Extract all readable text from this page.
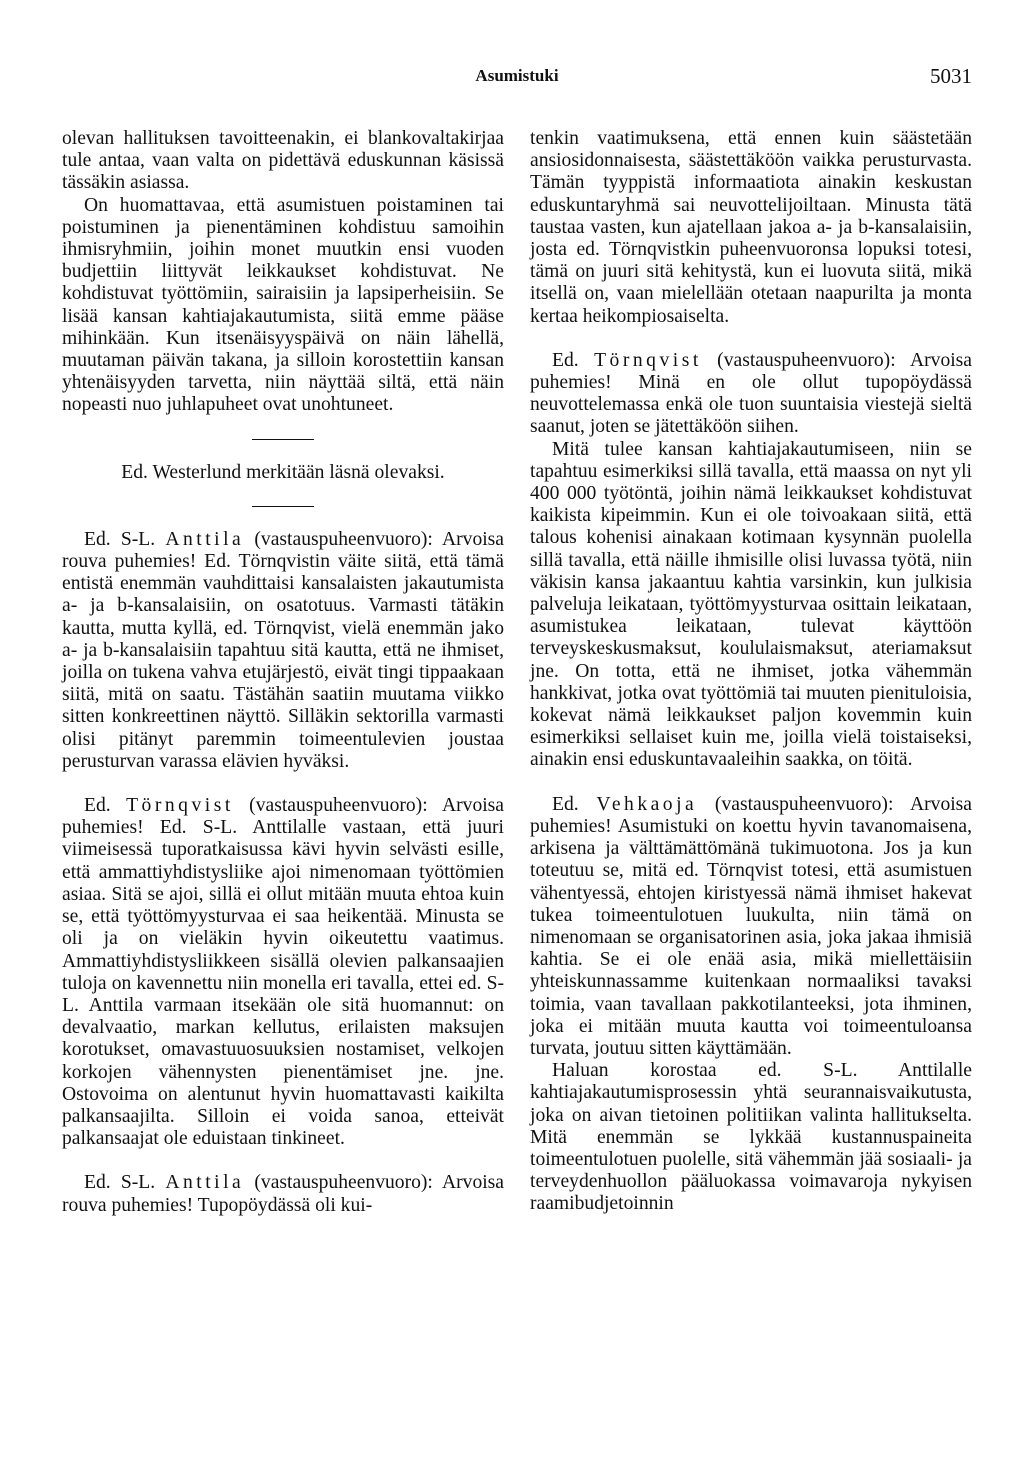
Asumistuki	5031

olevan hallituksen tavoitteenakin, ei blankovaltakirjaa tule antaa, vaan valta on pidettävä eduskunnan käsissä tässäkin asiassa.

On huomattavaa, että asumistuen poistaminen tai poistuminen ja pienentäminen kohdistuu samoihin ihmisryhmiin, joihin monet muutkin ensi vuoden budjettiin liittyvät leikkaukset kohdistuvat. Ne kohdistuvat työttömiin, sairaisiin ja lapsiperheisiin. Se lisää kansan kahtiajakautumista, siitä emme pääse mihinkään. Kun itsenäisyyspäivä on näin lähellä, muutaman päivän takana, ja silloin korostettiin kansan yhtenäisyyden tarvetta, niin näyttää siltä, että näin nopeasti nuo juhlapuheet ovat unohtuneet.

Ed. Westerlund merkitään läsnä olevaksi.

Ed. S-L. Anttila (vastauspuheenvuoro): Arvoisa rouva puhemies! Ed. Törnqvistin väite siitä, että tämä entistä enemmän vauhdittaisi kansalaisten jakautumista a- ja b-kansalaisiin, on osatotuus. Varmasti tätäkin kautta, mutta kyllä, ed. Törnqvist, vielä enemmän jako a- ja b-kansalaisiin tapahtuu sitä kautta, että ne ihmiset, joilla on tukena vahva etujärjestö, eivät tingi tippaakaan siitä, mitä on saatu. Tästähän saatiin muutama viikko sitten konkreettinen näyttö. Silläkin sektorilla varmasti olisi pitänyt paremmin toimeentulevien joustaa perusturvan varassa elävien hyväksi.

Ed. Törnqvist (vastauspuheenvuoro): Arvoisa puhemies! Ed. S-L. Anttilalle vastaan, että juuri viimeisessä tuporatkaisussa kävi hyvin selvästi esille, että ammattiyhdistysliike ajoi nimenomaan työttömien asiaa. Sitä se ajoi, sillä ei ollut mitään muuta ehtoa kuin se, että työttömyysturvaa ei saa heikentää. Minusta se oli ja on vieläkin hyvin oikeutettu vaatimus. Ammattiyhdistysliikkeen sisällä olevien palkansaajien tuloja on kavennettu niin monella eri tavalla, ettei ed. S-L. Anttila varmaan itsekään ole sitä huomannut: on devalvaatio, markan kellutus, erilaisten maksujen korotukset, omavastuuosuuksien nostamiset, velkojen korkojen vähennysten pienentämiset jne. jne. Ostovoima on alentunut hyvin huomattavasti kaikilta palkansaajilta. Silloin ei voida sanoa, etteivät palkansaajat ole eduistaan tinkineet.

Ed. S-L. Anttila (vastauspuheenvuoro): Arvoisa rouva puhemies! Tupopöydässä oli kui-

tenkin vaatimuksena, että ennen kuin säästetään ansiosidonnaisesta, säästettäköön vaikka perusturvasta. Tämän tyyppistä informaatiota ainakin keskustan eduskuntaryhmä sai neuvottelijoiltaan. Minusta tätä taustaa vasten, kun ajatellaan jakoa a- ja b-kansalaisiin, josta ed. Törnqvistkin puheenvuoronsa lopuksi totesi, tämä on juuri sitä kehitystä, kun ei luovuta siitä, mikä itsellä on, vaan mielellään otetaan naapurilta ja monta kertaa heikompiosaiselta.

Ed. Törnqvist (vastauspuheenvuoro): Arvoisa puhemies! Minä en ole ollut tupopöydässä neuvottelemassa enkä ole tuon suuntaisia viestejä sieltä saanut, joten se jätettäköön siihen.

Mitä tulee kansan kahtiajakautumiseen, niin se tapahtuu esimerkiksi sillä tavalla, että maassa on nyt yli 400 000 työtöntä, joihin nämä leikkaukset kohdistuvat kaikista kipeimmin. Kun ei ole toivoakaan siitä, että talous kohenisi ainakaan kotimaan kysynnän puolella sillä tavalla, että näille ihmisille olisi luvassa työtä, niin väkisin kansa jakaantuu kahtia varsinkin, kun julkisia palveluja leikataan, työttömyysturvaa osittain leikataan, asumistukea leikataan, tulevat käyttöön terveyskeskusmaksut, koululaismaksut, ateriamaksut jne. On totta, että ne ihmiset, jotka vähemmän hankkivat, jotka ovat työttömiä tai muuten pienituloisia, kokevat nämä leikkaukset paljon kovemmin kuin esimerkiksi sellaiset kuin me, joilla vielä toistaiseksi, ainakin ensi eduskuntavaaleihin saakka, on töitä.

Ed. Vehkaoja (vastauspuheenvuoro): Arvoisa puhemies! Asumistuki on koettu hyvin tavanomaisena, arkisena ja välttämättömänä tukimuotona. Jos ja kun toteutuu se, mitä ed. Törnqvist totesi, että asumistuen vähentyessä, ehtojen kiristyessä nämä ihmiset hakevat tukea toimeentulotuen luukulta, niin tämä on nimenomaan se organisatorinen asia, joka jakaa ihmisiä kahtia. Se ei ole enää asia, mikä miellettäisiin yhteiskunnassamme kuitenkaan normaaliksi tavaksi toimia, vaan tavallaan pakkotilanteeksi, jota ihminen, joka ei mitään muuta kautta voi toimeentuloansa turvata, joutuu sitten käyttämään.

Haluan korostaa ed. S-L. Anttilalle kahtiajakautumisprosessin yhtä seurannaisvaikutusta, joka on aivan tietoinen politiikan valinta hallitukselta. Mitä enemmän se lykkää kustannuspaineita toimeentulotuen puolelle, sitä vähemmän jää sosiaali- ja terveydenhuollon pääluokassa voimavaroja nykyisen raamibudjetoinnin
